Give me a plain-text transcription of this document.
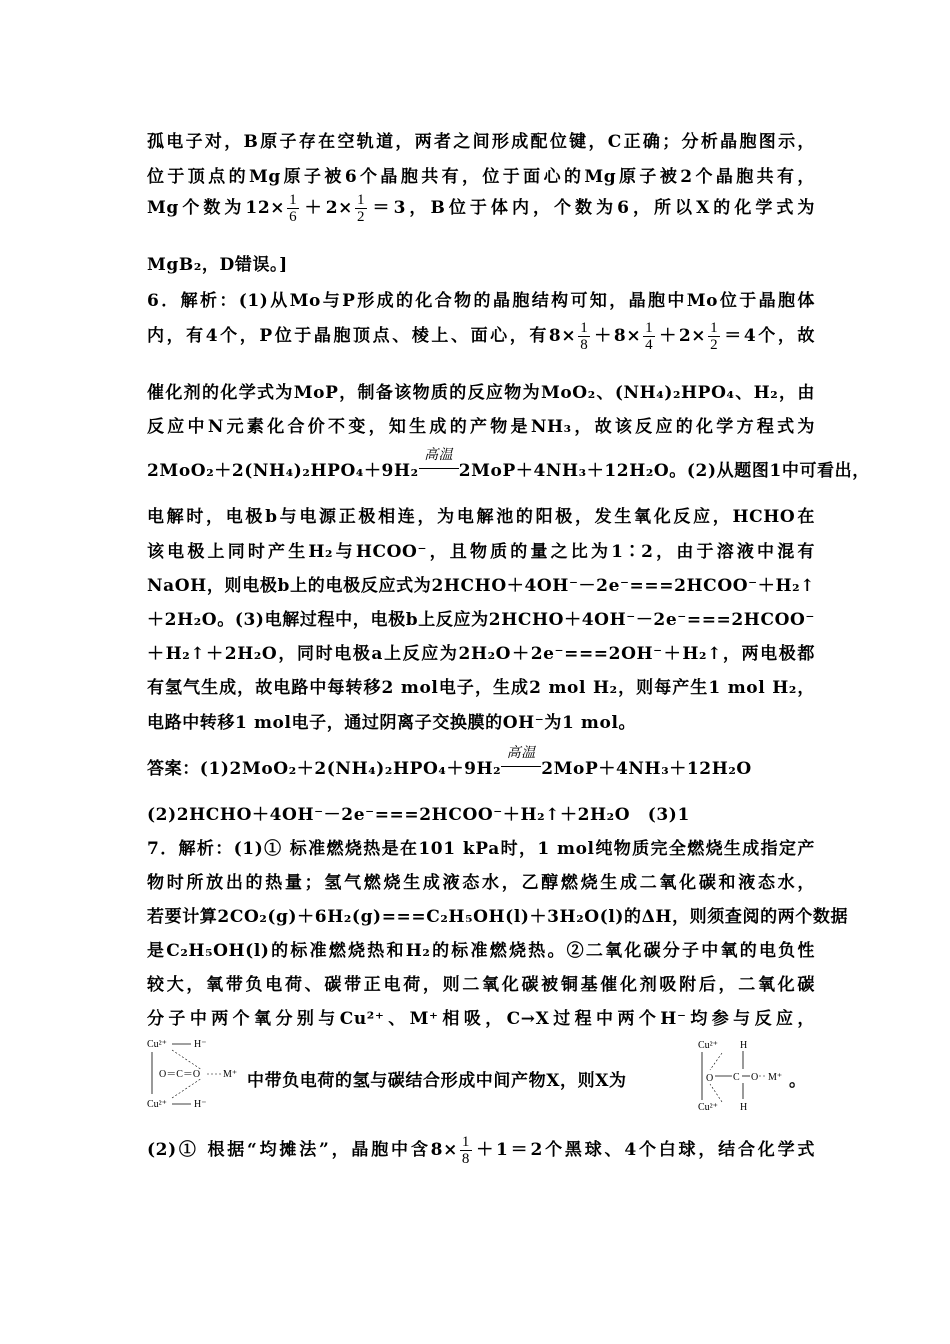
孤电子对，B原子存在空轨道，两者之间形成配位键，C正确；分析晶胞图示，
位于顶点的Mg原子被6个晶胞共有，位于面心的Mg原子被2个晶胞共有，
Mg个数为$12\times \frac{1}{6} +2\times \frac{1}{2} =3$，B位于体内，个数为6，所以X的化学式为
MgB₂，D错误。]
6．解析：(1)从Mo与P形成的化合物的晶胞结构可知，晶胞中Mo位于晶胞体
内，有4个，P位于晶胞顶点、棱上、面心，有$8\times \frac{1}{8} +8\times \frac{1}{4} +2\times \frac{1}{2} =4$个，故
催化剂的化学式为MoP，制备该物质的反应物为MoO₂、(NH₄)₂HPO₄、H₂，由
反应中N元素化合价不变，知生成的产物是NH₃，故该反应的化学方程式为
2MoO₂＋2(NH₄)₂HPO₄＋9H₂
高温
2MoP＋4NH₃＋12H₂O。(2)从题图1中可看出，
电解时，电极b与电源正极相连，为电解池的阳极，发生氧化反应，HCHO在
该电极上同时产生H₂与HCOO⁻，且物质的量之比为1∶2，由于溶液中混有
NaOH，则电极b上的电极反应式为2HCHO＋4OH⁻－2e⁻===2HCOO⁻＋H₂↑
＋2H₂O。(3)电解过程中，电极b上反应为2HCHO＋4OH⁻－2e⁻===2HCOO⁻
＋H₂↑＋2H₂O，同时电极a上反应为2H₂O＋2e⁻===2OH⁻＋H₂↑，两电极都
有氢气生成，故电路中每转移2 mol电子，生成2 mol H₂，则每产生1 mol H₂，
电路中转移1 mol电子，通过阴离子交换膜的OH⁻为1 mol。
答案：(1)2MoO₂＋2(NH₄)₂HPO₄＋9H₂
高温
2MoP＋4NH₃＋12H₂O
(2)2HCHO＋4OH⁻－2e⁻===2HCOO⁻＋H₂↑＋2H₂O　(3)1
7．解析：(1)① 标准燃烧热是在101 kPa时，1 mol纯物质完全燃烧生成指定产
物时所放出的热量；氢气燃烧生成液态水，乙醇燃烧生成二氧化碳和液态水，
若要计算2CO₂(g)＋6H₂(g)===C₂H₅OH(l)＋3H₂O(l)的ΔH，则须查阅的两个数据
是C₂H₅OH(l)的标准燃烧热和H₂的标准燃烧热。②二氧化碳分子中氧的电负性
较大，氧带负电荷、碳带正电荷，则二氧化碳被铜基催化剂吸附后，二氧化碳
分子中两个氧分别与Cu²⁺、M⁺相吸，C→X过程中两个H⁻均参与反应，
Cu²⁺	H⁻
O＝C＝O M⁺
Cu²⁺	H⁻
中带负电荷的氢与碳结合形成中间产物X，则X为
Cu²⁺ H
O C O M⁺
Cu²⁺ H
。
(2)① 根据“均摊法”，晶胞中含$8\times \frac{1}{8} +1=2$个黑球、4个白球，结合化学式
